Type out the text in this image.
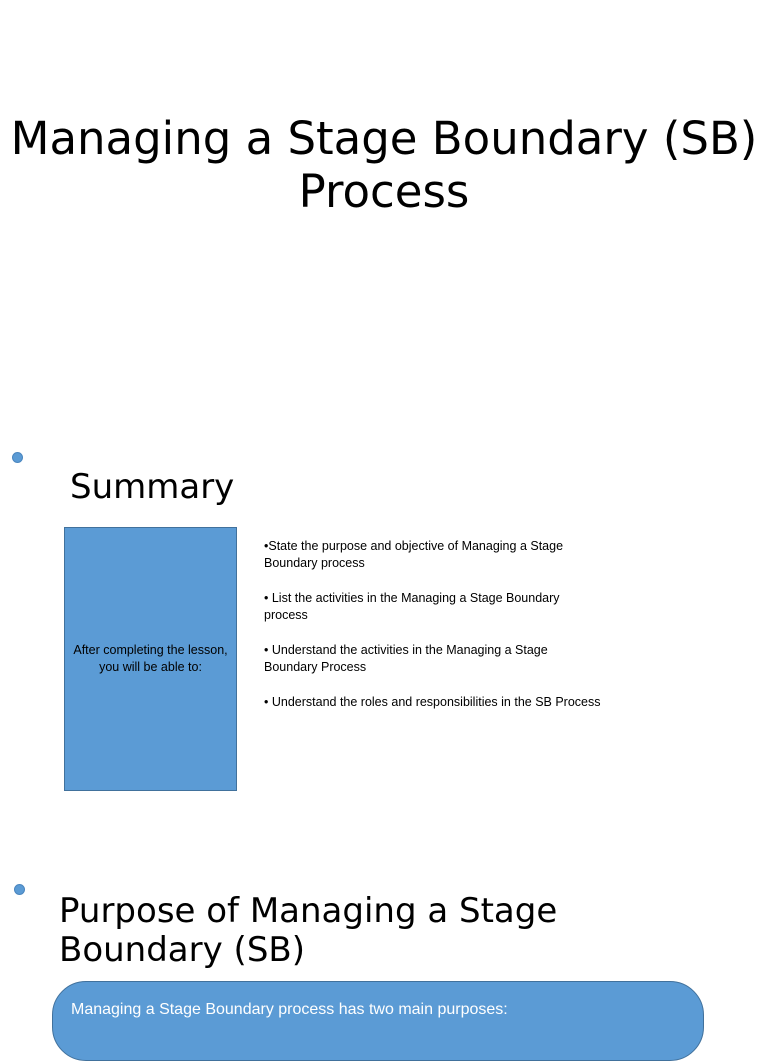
Managing a Stage Boundary (SB) Process
Summary
After completing the lesson, you will be able to:
•State the purpose and objective of Managing a Stage Boundary process
• List the activities in the Managing a Stage Boundary process
• Understand the activities in the Managing a Stage Boundary Process
• Understand the roles and responsibilities in the SB Process
Purpose of Managing a Stage Boundary (SB)
Managing a Stage Boundary process has two main purposes:
